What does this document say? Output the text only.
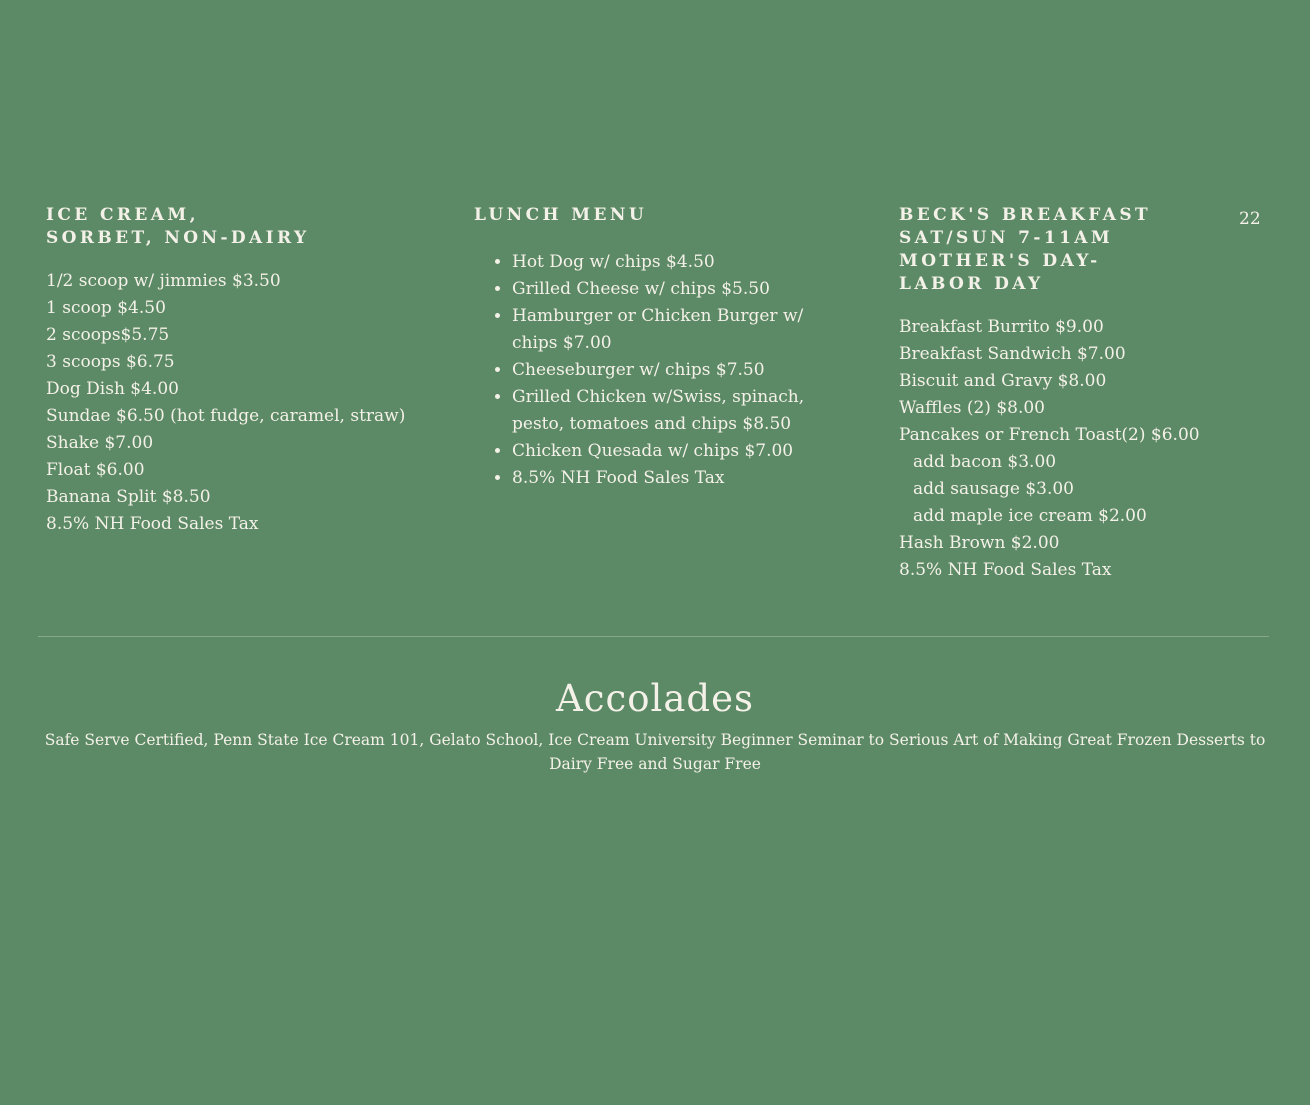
ICE CREAM,
SORBET, NON-DAIRY
1/2 scoop w/ jimmies $3.50
1 scoop $4.50
2 scoops$5.75
3 scoops $6.75
Dog Dish $4.00
Sundae $6.50 (hot fudge, caramel, straw)
Shake $7.00
Float $6.00
Banana Split $8.50
8.5% NH Food Sales Tax
LUNCH MENU
• Hot Dog w/ chips $4.50
• Grilled Cheese w/ chips $5.50
• Hamburger or Chicken Burger w/ chips $7.00
• Cheeseburger w/ chips $7.50
• Grilled Chicken w/Swiss, spinach, pesto, tomatoes and chips $8.50
• Chicken Quesada w/ chips $7.00
• 8.5% NH Food Sales Tax
BECK'S BREAKFAST
SAT/SUN 7-11AM
MOTHER'S DAY-
LABOR DAY
Breakfast Burrito $9.00
Breakfast Sandwich $7.00
Biscuit and Gravy $8.00
Waffles (2) $8.00
Pancakes or French Toast(2) $6.00
add bacon $3.00
add sausage $3.00
add maple ice cream $2.00
Hash Brown $2.00
8.5% NH Food Sales Tax
22
Accolades

Safe Serve Certified, Penn State Ice Cream 101, Gelato School, Ice Cream University Beginner Seminar to Serious Art of Making Great Frozen Desserts to Dairy Free and Sugar Free
